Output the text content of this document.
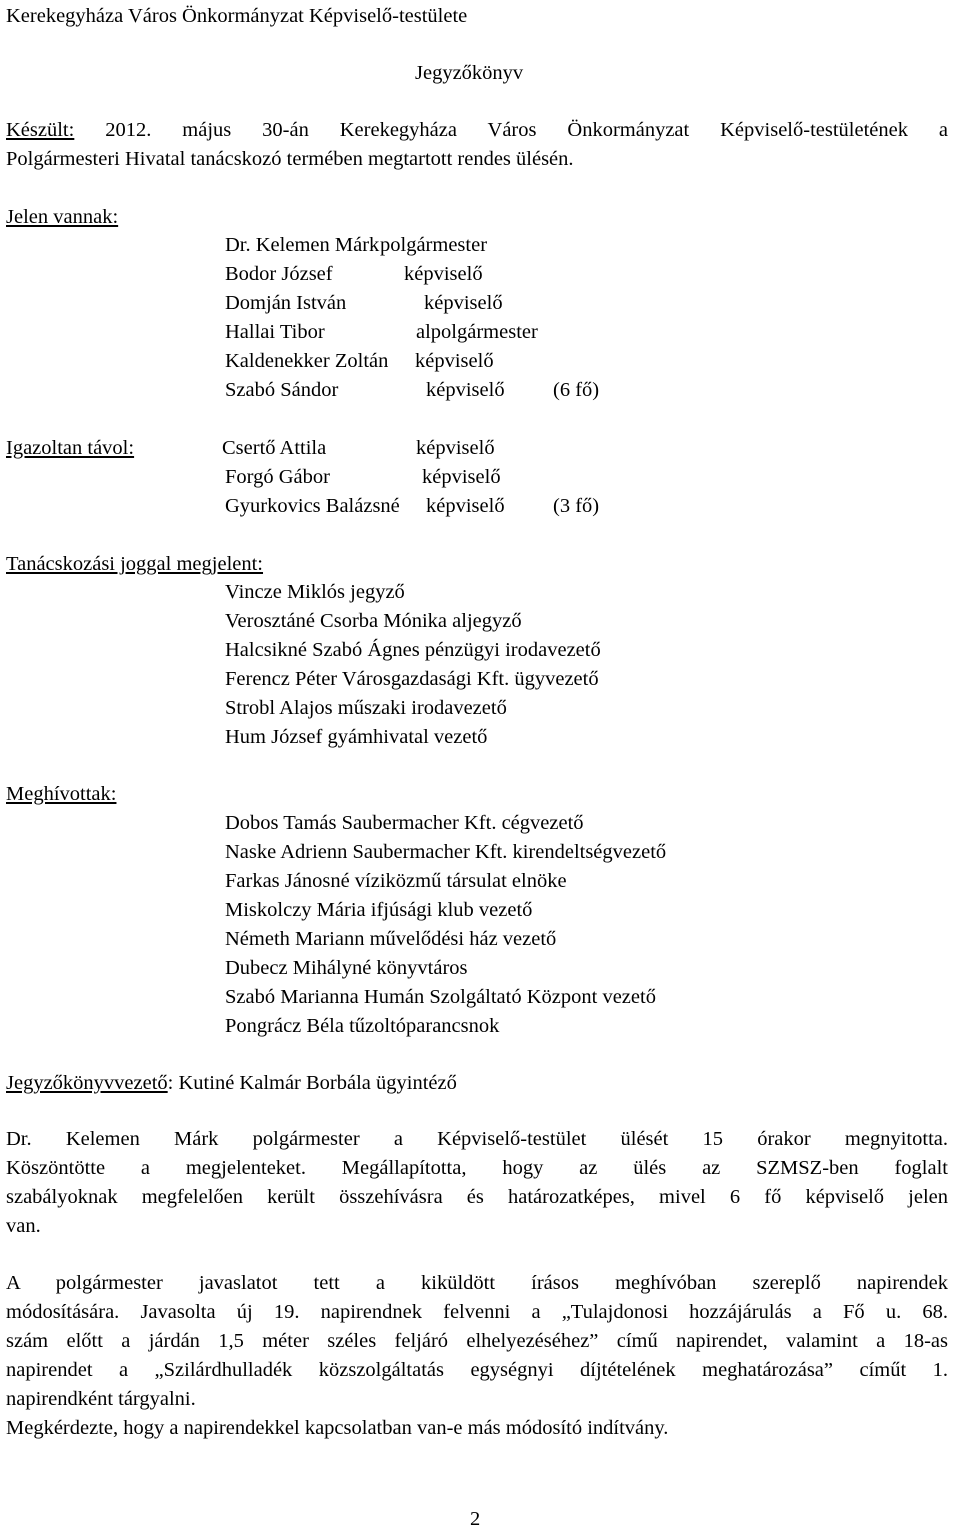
Kerekegyháza Város Önkormányzat Képviselő-testülete
Jegyzőkönyv
Készült: 2012. május 30-án Kerekegyháza Város Önkormányzat Képviselő-testületének a
Polgármesteri Hivatal tanácskozó termében megtartott rendes ülésén.
Jelen vannak:
Dr. Kelemen Márk polgármester
Bodor József	képviselő
Domján István	képviselő
Hallai Tibor	alpolgármester
Kaldenekker Zoltán képviselő
Szabó Sándor	képviselő (6 fő)
Igazoltan távol:	Csertő Attila	képviselő
Forgó Gábor	képviselő
Gyurkovics Balázsné képviselő (3 fő)
Tanácskozási joggal megjelent:
Vincze Miklós jegyző
Verosztáné Csorba Mónika aljegyző
Halcsikné Szabó Ágnes pénzügyi irodavezető
Ferencz Péter Városgazdasági Kft. ügyvezető
Strobl Alajos műszaki irodavezető
Hum József gyámhivatal vezető
Meghívottak:
Dobos Tamás Saubermacher Kft. cégvezető
Naske Adrienn Saubermacher Kft. kirendeltségvezető
Farkas Jánosné víziközmű társulat elnöke
Miskolczy Mária ifjúsági klub vezető
Németh Mariann művelődési ház vezető
Dubecz Mihályné könyvtáros
Szabó Marianna Humán Szolgáltató Központ vezető
Pongrácz Béla tűzoltóparancsnok
Jegyzőkönyvvezető: Kutiné Kalmár Borbála ügyintéző
Dr. Kelemen Márk polgármester a Képviselő-testület ülését 15 órakor megnyitotta.
Köszöntötte a megjelenteket. Megállapította, hogy az ülés az SZMSZ-ben foglalt
szabályoknak megfelelően került összehívásra és határozatképes, mivel 6 fő képviselő jelen
van.
A polgármester javaslatot tett a kiküldött írásos meghívóban szereplő napirendek
módosítására. Javasolta új 19. napirendnek felvenni a „Tulajdonosi hozzájárulás a Fő u. 68.
szám előtt a járdán 1,5 méter széles feljáró elhelyezéséhez” című napirendet, valamint a 18-as
napirendet a „Szilárdhulladék közszolgáltatás egységnyi díjtételének meghatározása” címűt 1.
napirendként tárgyalni.
Megkérdezte, hogy a napirendekkel kapcsolatban van-e más módosító indítvány.
2
